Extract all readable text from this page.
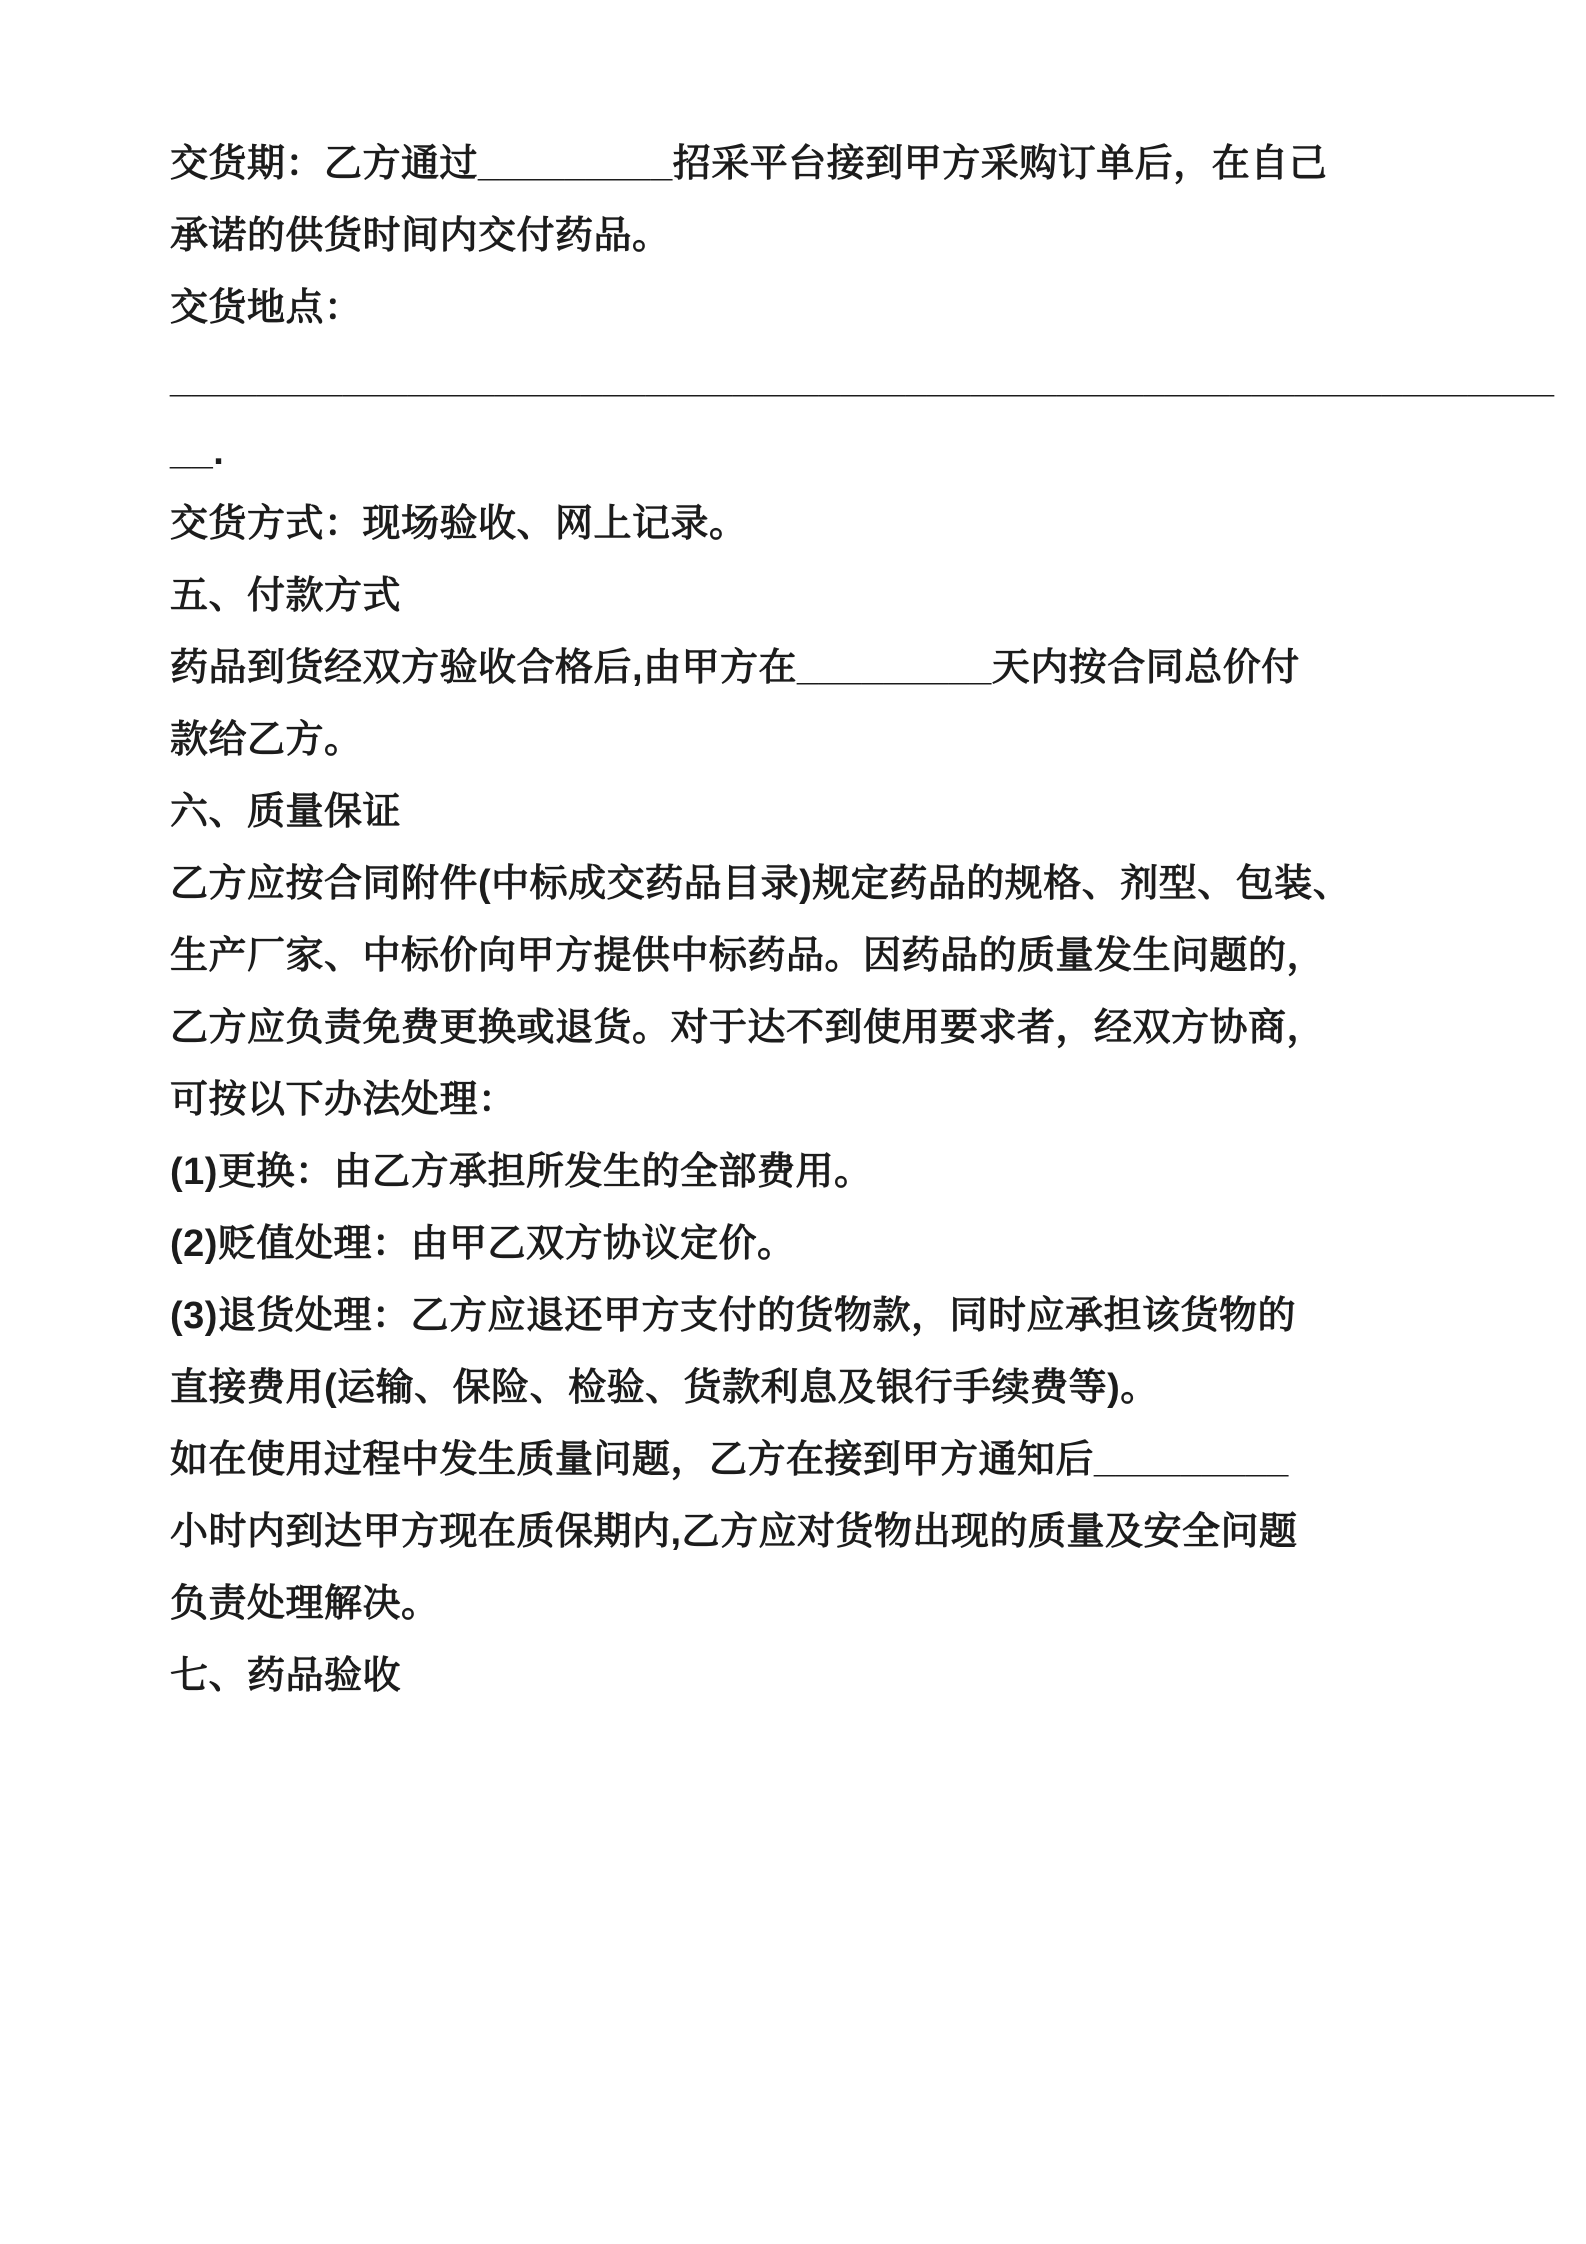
交货期：乙方通过_________招采平台接到甲方采购订单后，在自己
承诺的供货时间内交付药品。

交货地点：

________________________________________________________________
__.

交货方式：现场验收、网上记录。

五、付款方式

药品到货经双方验收合格后,由甲方在_________天内按合同总价付
款给乙方。

六、质量保证

乙方应按合同附件(中标成交药品目录)规定药品的规格、剂型、包装、
生产厂家、中标价向甲方提供中标药品。因药品的质量发生问题的，
乙方应负责免费更换或退货。对于达不到使用要求者，经双方协商，
可按以下办法处理：

(1)更换：由乙方承担所发生的全部费用。

(2)贬值处理：由甲乙双方协议定价。

(3)退货处理：乙方应退还甲方支付的货物款，同时应承担该货物的
直接费用(运输、保险、检验、货款利息及银行手续费等)。

如在使用过程中发生质量问题，乙方在接到甲方通知后_________
小时内到达甲方现在质保期内,乙方应对货物出现的质量及安全问题
负责处理解决。

七、药品验收
